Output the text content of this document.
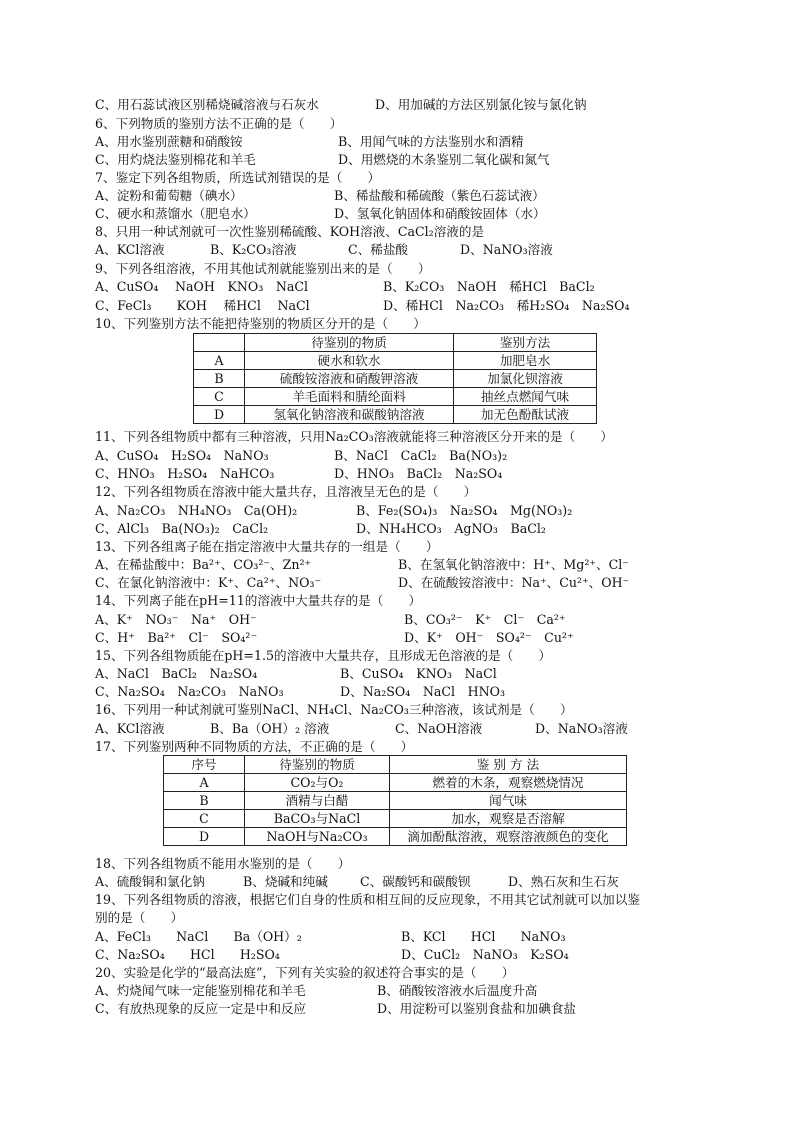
C、用石蕊试液区别稀烧碱溶液与石灰水	D、用加碱的方法区别氯化铵与氯化钠
6、下列物质的鉴别方法不正确的是（　　）
A、用水鉴别蔗糖和硝酸铵	B、用闻气味的方法鉴别水和酒精
C、用灼烧法鉴别棉花和羊毛	D、用燃烧的木条鉴别二氧化碳和氮气
7、鉴定下列各组物质，所选试剂错误的是（　　）
A、淀粉和葡萄糖（碘水）	B、稀盐酸和稀硫酸（紫色石蕊试液）
C、硬水和蒸馏水（肥皂水）	D、氢氧化钠固体和硝酸铵固体（水）
8、只用一种试剂就可一次性鉴别稀硫酸、KOH溶液、CaCl₂溶液的是
A、KCl溶液	B、K₂CO₃溶液	C、稀盐酸	D、NaNO₃溶液
9、下列各组溶液，不用其他试剂就能鉴别出来的是（　　）
A、CuSO₄　 NaOH　KNO₃　NaCl	B、K₂CO₃　NaOH　稀HCl　BaCl₂
C、FeCl₃　　KOH　 稀HCl　 NaCl	D、稀HCl　Na₂CO₃　稀H₂SO₄　Na₂SO₄
10、下列鉴别方法不能把待鉴别的物质区分开的是（　　）
	待鉴别的物质	鉴别方法
A	硬水和软水	加肥皂水
B	硫酸铵溶液和硝酸钾溶液	加氯化钡溶液
C	羊毛面料和腈纶面料	抽丝点燃闻气味
D	氢氧化钠溶液和碳酸钠溶液	加无色酚酞试液
11、下列各组物质中都有三种溶液，只用Na₂CO₃溶液就能将三种溶液区分开来的是（　　）
A、CuSO₄　H₂SO₄　NaNO₃	B、NaCl　CaCl₂　Ba(NO₃)₂
C、HNO₃　H₂SO₄　NaHCO₃	D、HNO₃　BaCl₂　Na₂SO₄
12、下列各组物质在溶液中能大量共存，且溶液呈无色的是（　　）
A、Na₂CO₃　NH₄NO₃　Ca(OH)₂	B、Fe₂(SO₄)₃　Na₂SO₄　Mg(NO₃)₂
C、AlCl₃　Ba(NO₃)₂　CaCl₂	D、NH₄HCO₃　AgNO₃　BaCl₂
13、下列各组离子能在指定溶液中大量共存的一组是（　　）
A、在稀盐酸中：Ba²⁺、CO₃²⁻、Zn²⁺	B、在氢氧化钠溶液中：H⁺、Mg²⁺、Cl⁻
C、在氯化钠溶液中：K⁺、Ca²⁺、NO₃⁻	D、在硫酸铵溶液中：Na⁺、Cu²⁺、OH⁻
14、下列离子能在pH=11的溶液中大量共存的是（　　）
A、K⁺　NO₃⁻　Na⁺　OH⁻	B、CO₃²⁻　K⁺　Cl⁻　Ca²⁺
C、H⁺　Ba²⁺　Cl⁻　SO₄²⁻	D、K⁺　OH⁻　SO₄²⁻　Cu²⁺
15、下列各组物质能在pH=1.5的溶液中大量共存，且形成无色溶液的是（　　）
A、NaCl　BaCl₂　Na₂SO₄	B、CuSO₄　KNO₃　NaCl
C、Na₂SO₄　Na₂CO₃　NaNO₃	D、Na₂SO₄　NaCl　HNO₃
16、下列用一种试剂就可鉴别NaCl、NH₄Cl、Na₂CO₃三种溶液，该试剂是（　　）
A、KCl溶液	B、Ba（OH）₂ 溶液	C、NaOH溶液	D、NaNO₃溶液
17、下列鉴别两种不同物质的方法，不正确的是（　　）
序号	待鉴别的物质	鉴 别 方 法
A	CO₂与O₂	燃着的木条，观察燃烧情况
B	酒精与白醋	闻气味
C	BaCO₃与NaCl	加水，观察是否溶解
D	NaOH与Na₂CO₃	滴加酚酞溶液，观察溶液颜色的变化
18、下列各组物质不能用水鉴别的是（　　）
A、硫酸铜和氯化钠	B、烧碱和纯碱	C、碳酸钙和碳酸钡	D、熟石灰和生石灰
19、下列各组物质的溶液，根据它们自身的性质和相互间的反应现象，不用其它试剂就可以加以鉴
别的是（　　）
A、FeCl₃　　NaCl　　Ba（OH）₂	B、KCl　　HCl　　NaNO₃
C、Na₂SO₄　　HCl　　H₂SO₄	D、CuCl₂　NaNO₃　K₂SO₄
20、实验是化学的“最高法庭”，下列有关实验的叙述符合事实的是（　　）
A、灼烧闻气味一定能鉴别棉花和羊毛	B、硝酸铵溶液水后温度升高
C、有放热现象的反应一定是中和反应	D、用淀粉可以鉴别食盐和加碘食盐
